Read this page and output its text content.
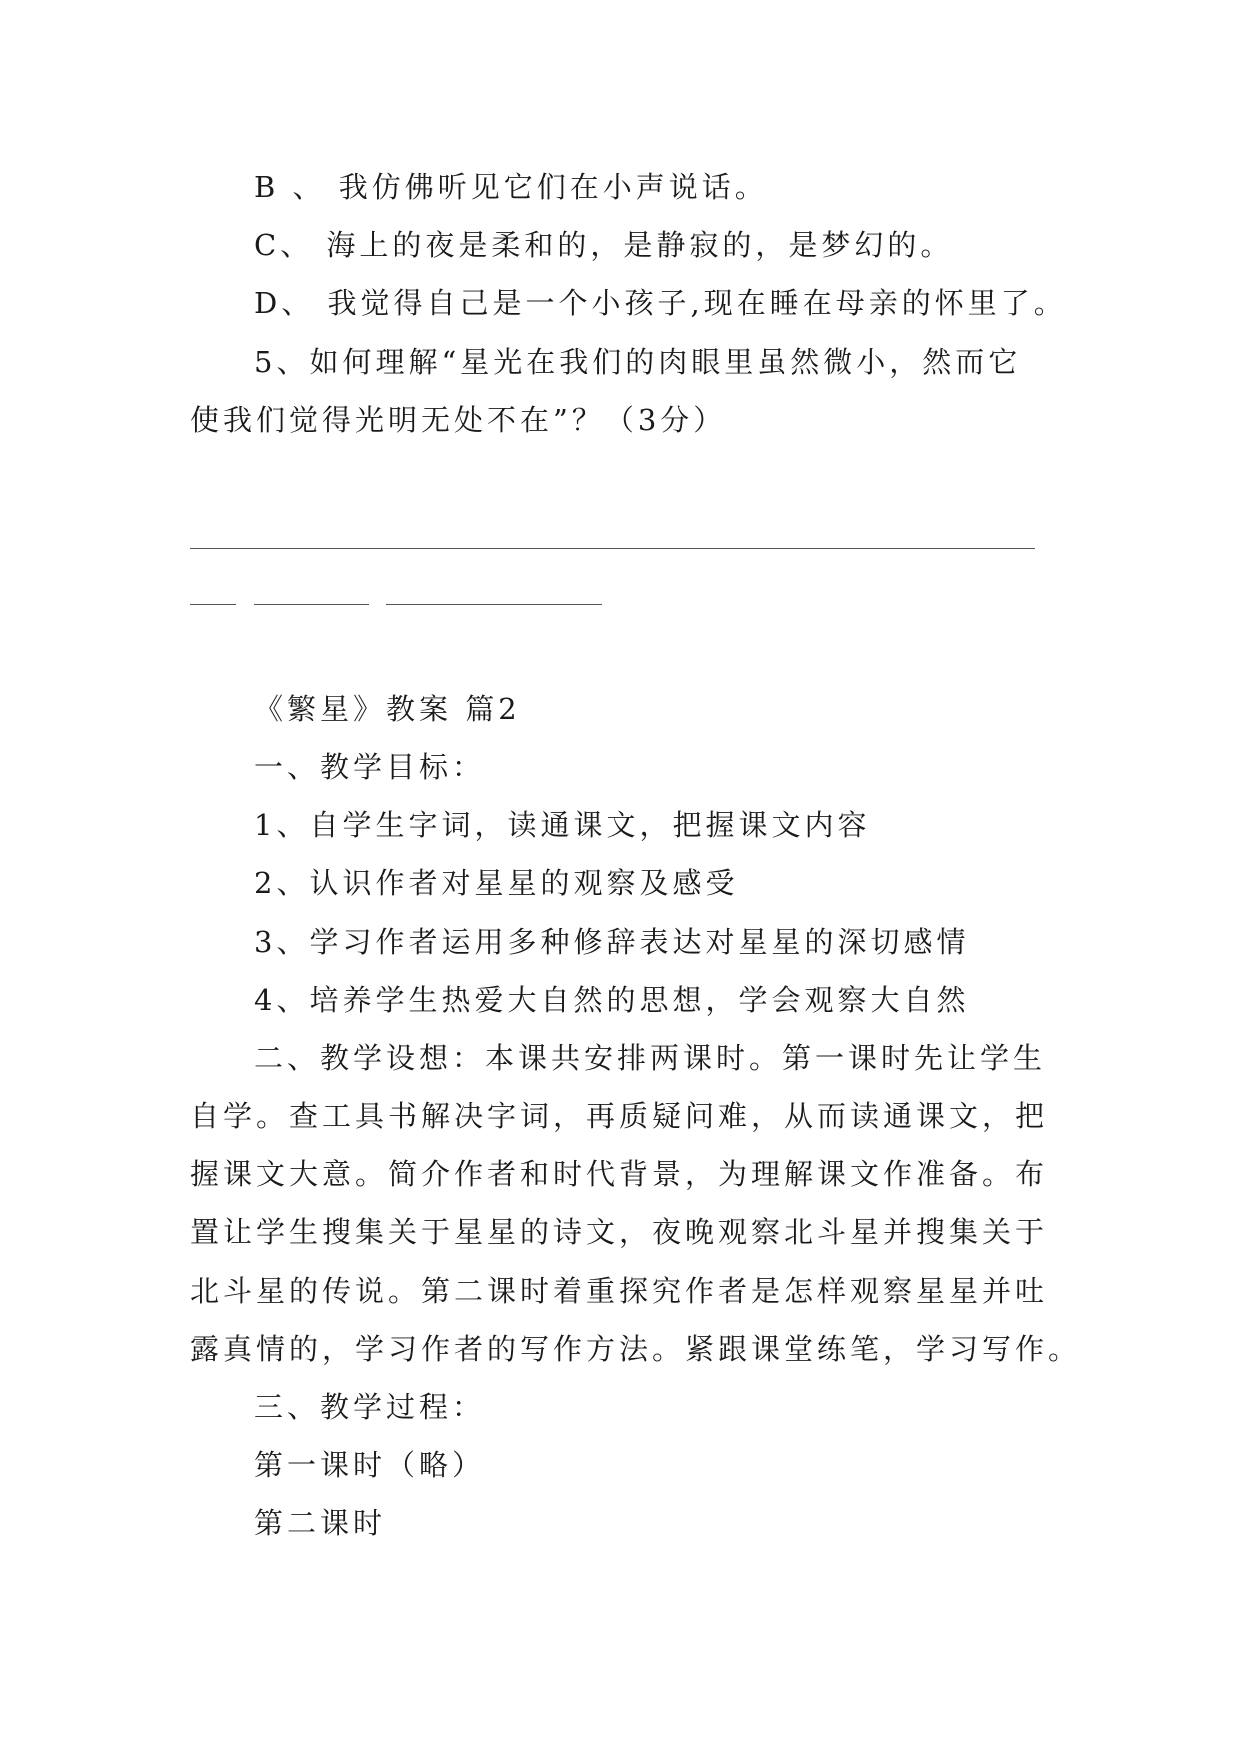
B 、 我仿佛听见它们在小声说话。
C、 海上的夜是柔和的，是静寂的，是梦幻的。
D、 我觉得自己是一个小孩子,现在睡在母亲的怀里了。
5、如何理解“星光在我们的肉眼里虽然微小，然而它
使我们觉得光明无处不在”？（3分）
《繁星》教案 篇2
一、教学目标：
1、自学生字词，读通课文，把握课文内容
2、认识作者对星星的观察及感受
3、学习作者运用多种修辞表达对星星的深切感情
4、培养学生热爱大自然的思想，学会观察大自然
二、教学设想：本课共安排两课时。第一课时先让学生
自学。查工具书解决字词，再质疑问难，从而读通课文，把
握课文大意。简介作者和时代背景，为理解课文作准备。布
置让学生搜集关于星星的诗文，夜晚观察北斗星并搜集关于
北斗星的传说。第二课时着重探究作者是怎样观察星星并吐
露真情的，学习作者的写作方法。紧跟课堂练笔，学习写作。
三、教学过程：
第一课时（略）
第二课时
